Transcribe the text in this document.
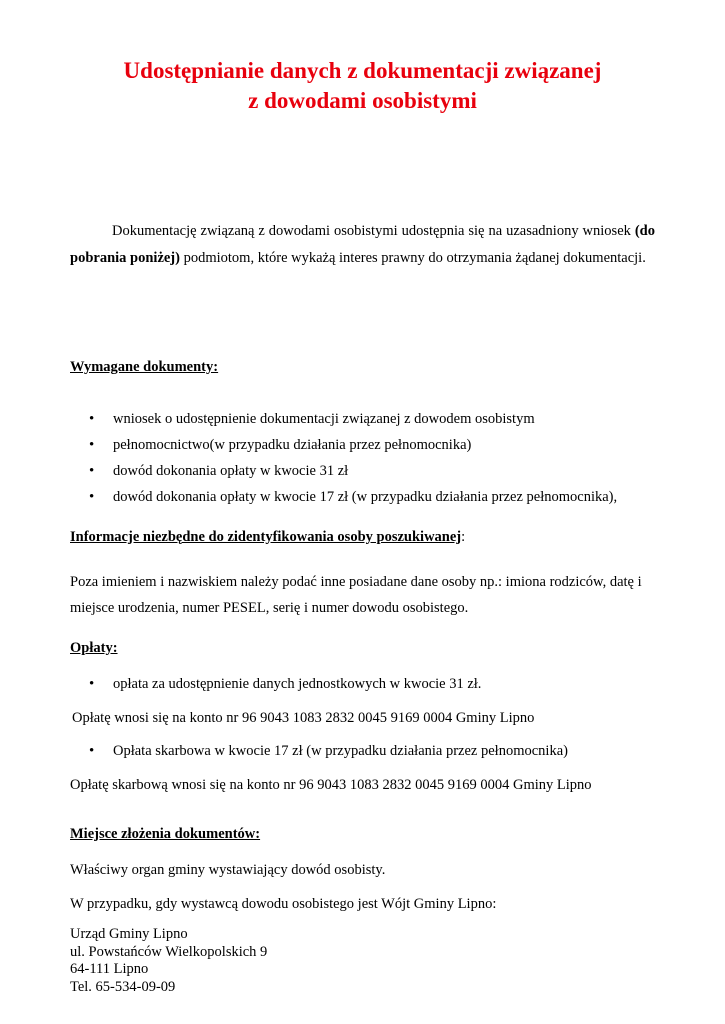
Udostępnianie danych z dokumentacji związanej
z dowodami osobistymi

Dokumentację związaną z dowodami osobistymi udostępnia się na uzasadniony wniosek (do pobrania poniżej) podmiotom, które wykażą interes prawny do otrzymania żądanej dokumentacji.

Wymagane dokumenty:

• wniosek o udostępnienie dokumentacji związanej z dowodem osobistym
• pełnomocnictwo(w przypadku działania przez pełnomocnika)
• dowód dokonania opłaty w kwocie 31 zł
• dowód dokonania opłaty w kwocie 17 zł (w przypadku działania przez pełnomocnika),

Informacje niezbędne do zidentyfikowania osoby poszukiwanej:

Poza imieniem i nazwiskiem należy podać inne posiadane dane osoby np.: imiona rodziców, datę i
miejsce urodzenia, numer PESEL, serię i numer dowodu osobistego.

Opłaty:

• opłata za udostępnienie danych jednostkowych w kwocie 31 zł.

Opłatę wnosi się na konto nr 96 9043 1083 2832 0045 9169 0004 Gminy Lipno

• Opłata skarbowa w kwocie 17 zł (w przypadku działania przez pełnomocnika)

Opłatę skarbową wnosi się na konto nr 96 9043 1083 2832 0045 9169 0004 Gminy Lipno

Miejsce złożenia dokumentów:

Właściwy organ gminy wystawiający dowód osobisty.

W przypadku, gdy wystawcą dowodu osobistego jest Wójt Gminy Lipno:

Urząd Gminy Lipno
ul. Powstańców Wielkopolskich 9
64-111 Lipno
Tel. 65-534-09-09
